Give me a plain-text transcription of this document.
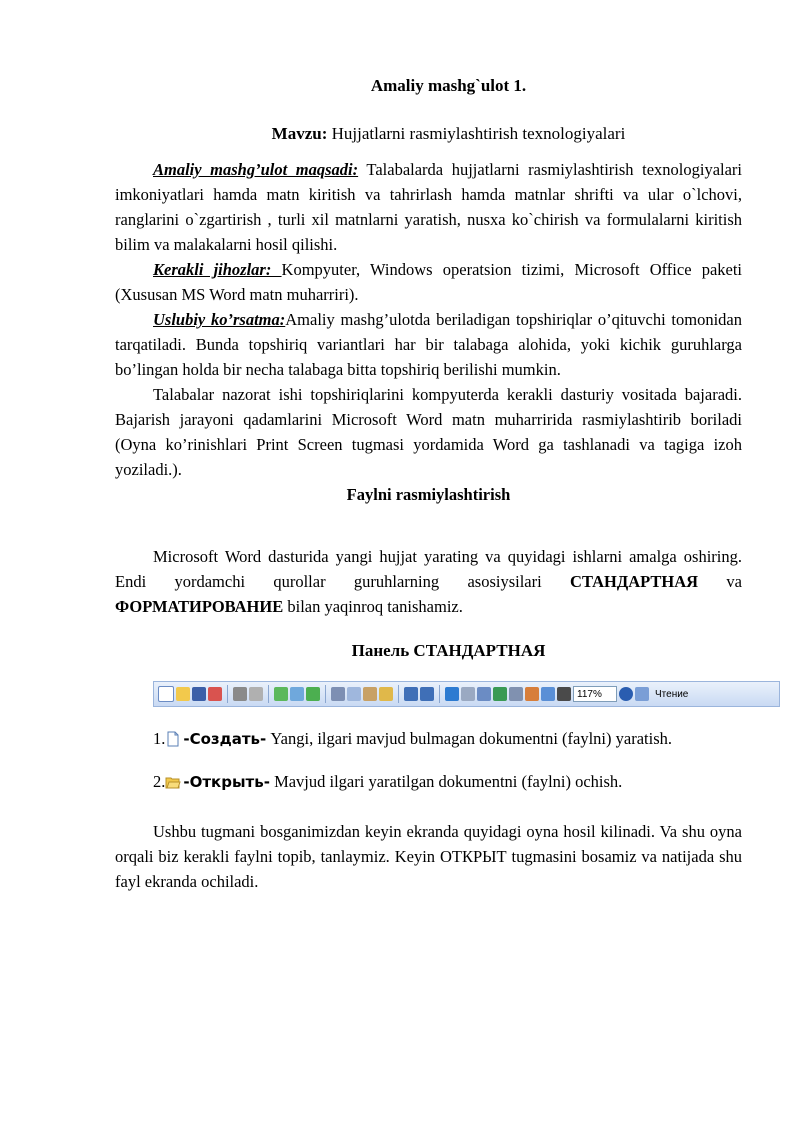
Amaliy mashg`ulot 1.
Mavzu: Hujjatlarni rasmiylashtirish texnologiyalari

Amaliy mashg’ulot maqsadi: Talabalarda hujjatlarni rasmiylashtirish texnologiyalari imkoniyatlari hamda matn kiritish va tahrirlash hamda matnlar shrifti va ular o`lchovi, ranglarini o`zgartirish , turli xil matnlarni yaratish, nusxa ko`chirish va formulalarni kiritish bilim va malakalarni hosil qilishi.

Kerakli jihozlar: Kompyuter, Windows operatsion tizimi, Microsoft Office paketi (Xususan MS Word matn muharriri).

Uslubiy ko’rsatma:Amaliy mashg’ulotda beriladigan topshiriqlar o’qituvchi tomonidan tarqatiladi. Bunda topshiriq variantlari har bir talabaga alohida, yoki kichik guruhlarga bo’lingan holda bir necha talabaga bitta topshiriq berilishi mumkin.

Talabalar nazorat ishi topshiriqlarini kompyuterda kerakli dasturiy vositada bajaradi. Bajarish jarayoni qadamlarini Microsoft Word matn muharririda rasmiylashtirib boriladi (Oyna ko’rinishlari Print Screen tugmasi yordamida Word ga tashlanadi va tagiga izoh yoziladi.).

Faylni rasmiylashtirish

Microsoft Word dasturida yangi hujjat yarating va quyidagi ishlarni amalga oshiring. Endi yordamchi qurollar guruhlarning asosiysilari СТАНДАРТНАЯ va ФОРМАТИРОВАНИЕ bilan yaqinroq tanishamiz.

Панель СТАНДАРТНАЯ
117%	Чтение
1. -Создать- Yangi, ilgari mavjud bulmagan dokumentni (faylni) yaratish.
2. -Открыть- Mavjud ilgari yaratilgan dokumentni (faylni) ochish.

Ushbu tugmani bosganimizdan keyin ekranda quyidagi oyna hosil kilinadi. Va shu oyna orqali biz kerakli faylni topib, tanlaymiz. Keyin ОТКРЫТ tugmasini bosamiz va natijada shu fayl ekranda ochiladi.
